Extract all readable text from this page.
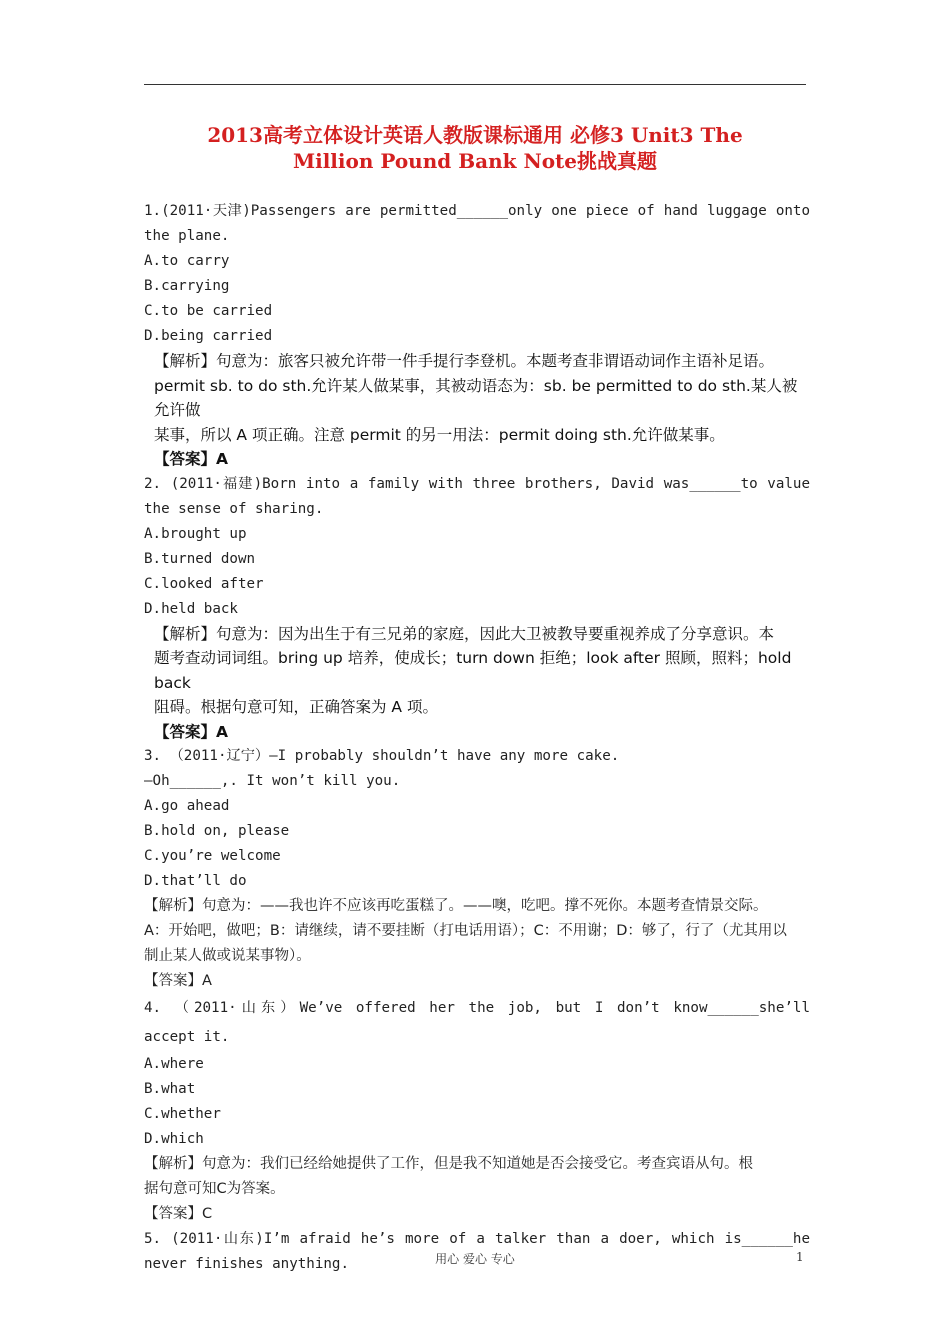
2013高考立体设计英语人教版课标通用 必修3 Unit3 The
Million Pound Bank Note挑战真题
1.(2011·天津)Passengers are permitted______only one piece of hand luggage onto
the plane.
A.to carry
B.carrying
C.to be carried
D.being carried

【解析】句意为：旅客只被允许带一件手提行李登机。本题考查非谓语动词作主语补足语。

permit sb. to do sth.允许某人做某事，其被动语态为：sb. be permitted to do sth.某人被允许做

某事，所以 A 项正确。注意 permit 的另一用法：permit doing sth.允许做某事。

【答案】A

2. (2011·福建)Born into a family with three brothers, David was______to value
the sense of sharing.
A.brought up
B.turned down
C.looked after
D.held back

【解析】句意为：因为出生于有三兄弟的家庭，因此大卫被教导要重视养成了分享意识。本

题考查动词词组。bring up 培养，使成长；turn down 拒绝；look after 照顾，照料；hold back

阻碍。根据句意可知，正确答案为 A 项。

【答案】A

3. （2011·辽宁）—I probably shouldn’t have any more cake.
—Oh______,. It won’t kill you.
A.go ahead
B.hold on, please
C.you’re welcome
D.that’ll do

【解析】句意为：——我也许不应该再吃蛋糕了。——噢，吃吧。撑不死你。本题考查情景交际。

A：开始吧，做吧；B：请继续，请不要挂断（打电话用语）；C：不用谢；D：够了，行了（尤其用以

制止某人做或说某事物）。

【答案】A

4. （2011·山东）We’ve offered her the job, but I don’t know______she’ll
accept it.
A.where
B.what
C.whether
D.which

【解析】句意为：我们已经给她提供了工作，但是我不知道她是否会接受它。考查宾语从句。根

据句意可知C为答案。

【答案】C

5. (2011·山东)I’m afraid he’s more of a talker than a doer, which is______he
never finishes anything.	用心 爱心 专心	1
